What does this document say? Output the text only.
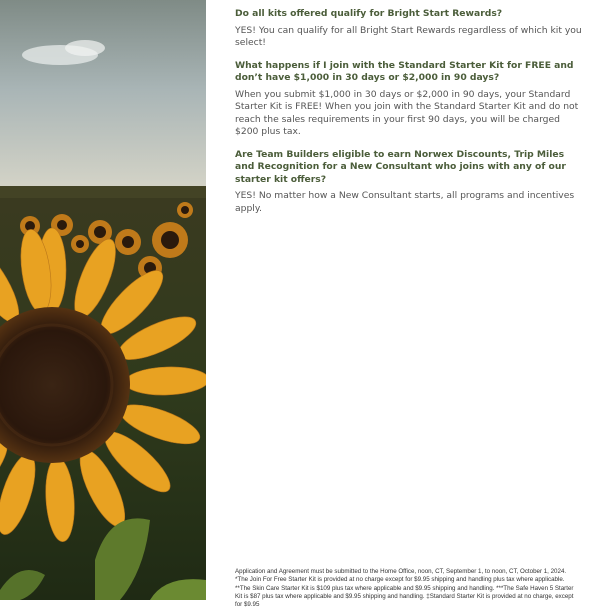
Do all kits offered qualify for Bright Start Rewards?

YES! You can qualify for all Bright Start Rewards regardless of which kit you select!

What happens if I join with the Standard Starter Kit for FREE and don’t have $1,000 in 30 days or $2,000 in 90 days?

When you submit $1,000 in 30 days or $2,000 in 90 days, your Standard Starter Kit is FREE! When you join with the Standard Starter Kit and do not reach the sales requirements in your first 90 days, you will be charged $200 plus tax.

Are Team Builders eligible to earn Norwex Discounts, Trip Miles and Recognition for a New Consultant who joins with any of our starter kit offers?

YES! No matter how a New Consultant starts, all programs and incentives apply.

Application and Agreement must be submitted to the Home Office, noon, CT, September 1, to noon, CT, October 1, 2024. *The Join For Free Starter Kit is provided at no charge except for $9.95 shipping and handling plus tax where applicable. **The Skin Care Starter Kit is $109 plus tax where applicable and $9.95 shipping and handling. ***The Safe Haven 5 Starter Kit is $87 plus tax where applicable and $9.95 shipping and handling. ‡Standard Starter Kit is provided at no charge, except for $9.95
